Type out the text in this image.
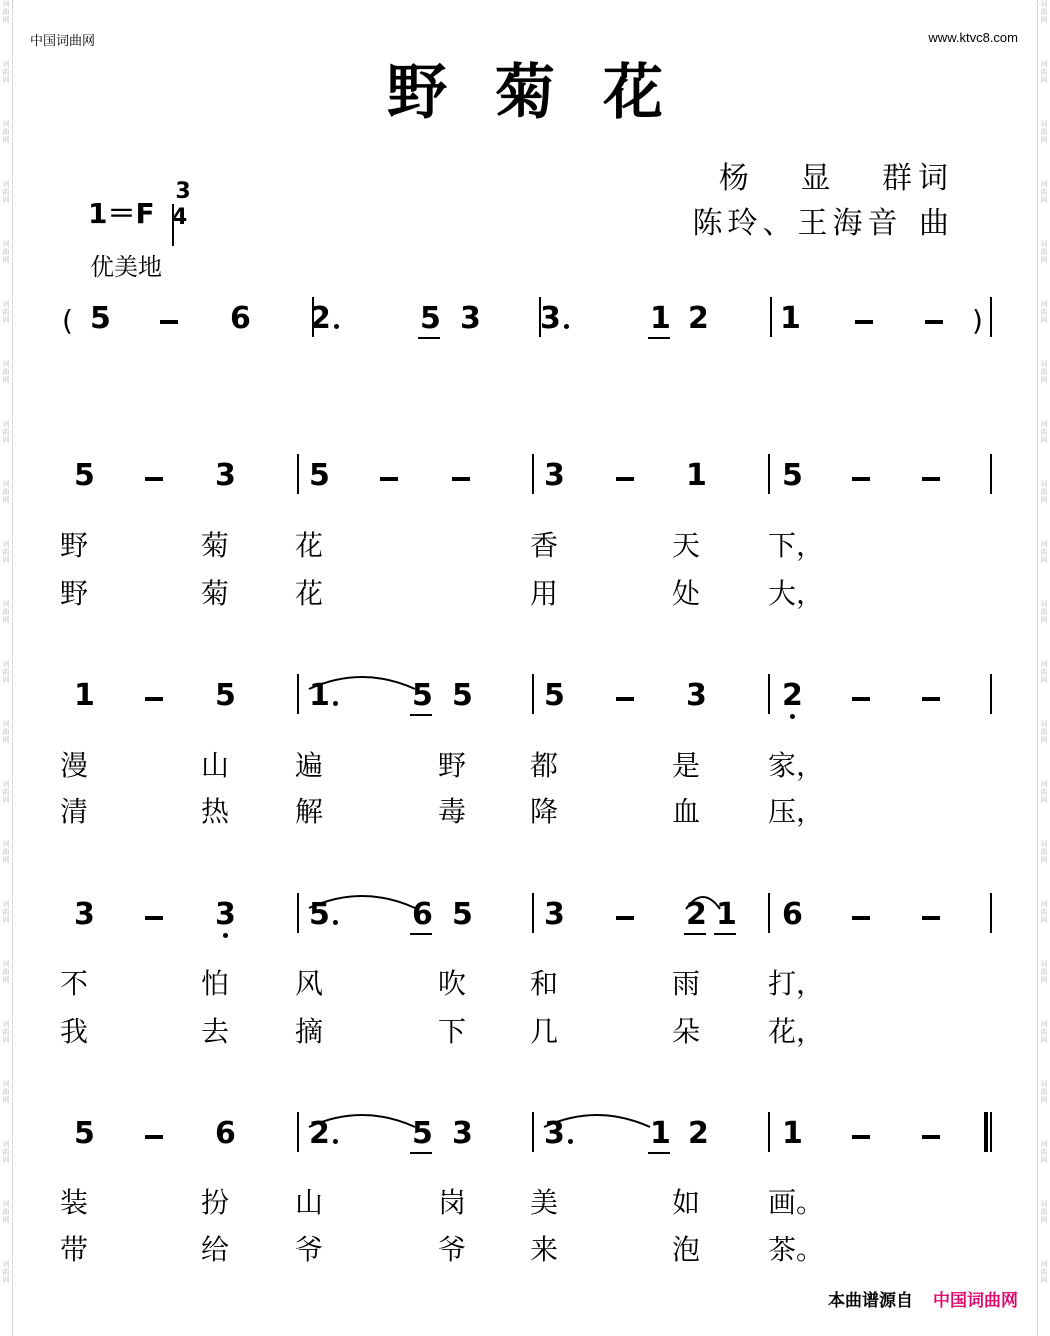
词
曲
网
词
曲
网
词
曲
网
词
曲
网
词
曲
网
词
曲
网
词
曲
网
词
曲
网
词
曲
网
词
曲
网
词
曲
网
词
曲
网
词
曲
网
词
曲
网
词
曲
网
词
曲
网
词
曲
网
词
曲
网
词
曲
网
词
曲
网
词
曲
网
词
曲
网
词
曲
网
词
曲
网
词
曲
网
词
曲
网
词
曲
网
词
曲
网
词
曲
网
词
曲
网
词
曲
网
词
曲
网
词
曲
网
词
曲
网
词
曲
网
词
曲
网
词
曲
网
词
曲
网
词
曲
网
词
曲
网
词
曲
网
词
曲
网
词
曲
网
词
曲
网
中国词曲网	www.ktvc8.com
野菊花
杨 显 群词
陈玲、王海音 曲
1＝F
3
4
优美地
( 5	6 2	5 3 3	1 2 1	)
5	3 5	3	1	5
野	菊 花	香	天 下，
野	菊 花	用	处 大，
1	5 1	5 5 5	3	2
漫	山 遍	野 都	是 家，
清	热 解	毒 降	血 压，
3	3 5	6 5 3	2 1 6
不	怕 风	吹 和	雨 打，
我	去 摘	下 几	朵 花，
5	6 2	5 3 3	1 2 1
装	扮 山	岗 美	如 画。
带	给 爷	爷 来	泡 茶。
本曲谱源自 中国词曲网
